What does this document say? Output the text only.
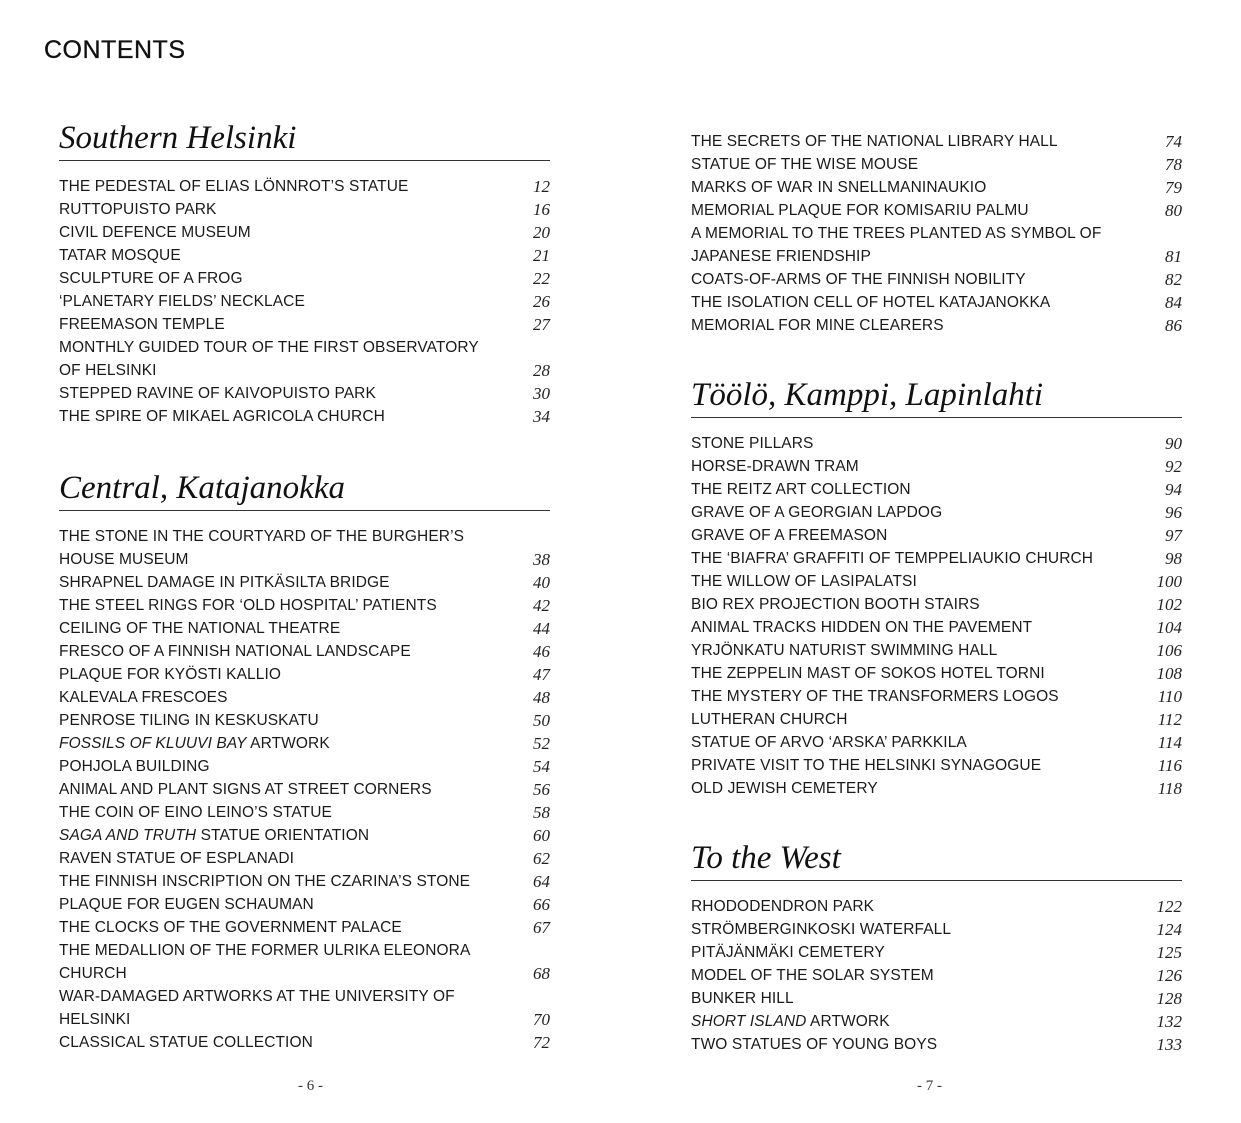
CONTENTS
Southern Helsinki
THE PEDESTAL OF ELIAS LÖNNROT’S STATUE	12
RUTTOPUISTO PARK	16
CIVIL DEFENCE MUSEUM	20
TATAR MOSQUE	21
SCULPTURE OF A FROG	22
‘PLANETARY FIELDS’ NECKLACE	26
FREEMASON TEMPLE	27
MONTHLY GUIDED TOUR OF THE FIRST OBSERVATORY OF HELSINKI	28
STEPPED RAVINE OF KAIVOPUISTO PARK	30
THE SPIRE OF MIKAEL AGRICOLA CHURCH	34
Central, Katajanokka
THE STONE IN THE COURTYARD OF THE BURGHER’S HOUSE MUSEUM	38
SHRAPNEL DAMAGE IN PITKÄSILTA BRIDGE	40
THE STEEL RINGS FOR ‘OLD HOSPITAL’ PATIENTS	42
CEILING OF THE NATIONAL THEATRE	44
FRESCO OF A FINNISH NATIONAL LANDSCAPE	46
PLAQUE FOR KYÖSTI KALLIO	47
KALEVALA FRESCOES	48
PENROSE TILING IN KESKUSKATU	50
FOSSILS OF KLUUVI BAY ARTWORK	52
POHJOLA BUILDING	54
ANIMAL AND PLANT SIGNS AT STREET CORNERS	56
THE COIN OF EINO LEINO’S STATUE	58
SAGA AND TRUTH STATUE ORIENTATION	60
RAVEN STATUE OF ESPLANADI	62
THE FINNISH INSCRIPTION ON THE CZARINA’S STONE	64
PLAQUE FOR EUGEN SCHAUMAN	66
THE CLOCKS OF THE GOVERNMENT PALACE	67
THE MEDALLION OF THE FORMER ULRIKA ELEONORA CHURCH	68
WAR-DAMAGED ARTWORKS AT THE UNIVERSITY OF HELSINKI	70
CLASSICAL STATUE COLLECTION	72
THE SECRETS OF THE NATIONAL LIBRARY HALL	74
STATUE OF THE WISE MOUSE	78
MARKS OF WAR IN SNELLMANINAUKIO	79
MEMORIAL PLAQUE FOR KOMISARIU PALMU	80
A MEMORIAL TO THE TREES PLANTED AS SYMBOL OF JAPANESE FRIENDSHIP	81
COATS-OF-ARMS OF THE FINNISH NOBILITY	82
THE ISOLATION CELL OF HOTEL KATAJANOKKA	84
MEMORIAL FOR MINE CLEARERS	86
Töölö, Kamppi, Lapinlahti
STONE PILLARS	90
HORSE-DRAWN TRAM	92
THE REITZ ART COLLECTION	94
GRAVE OF A GEORGIAN LAPDOG	96
GRAVE OF A FREEMASON	97
THE ‘BIAFRA’ GRAFFITI OF TEMPPELIAUKIO CHURCH	98
THE WILLOW OF LASIPALATSI	100
BIO REX PROJECTION BOOTH STAIRS	102
ANIMAL TRACKS HIDDEN ON THE PAVEMENT	104
YRJÖNKATU NATURIST SWIMMING HALL	106
THE ZEPPELIN MAST OF SOKOS HOTEL TORNI	108
THE MYSTERY OF THE TRANSFORMERS LOGOS	110
LUTHERAN CHURCH	112
STATUE OF ARVO ‘ARSKA’ PARKKILA	114
PRIVATE VISIT TO THE HELSINKI SYNAGOGUE	116
OLD JEWISH CEMETERY	118
To the West
RHODODENDRON PARK	122
STRÖMBERGINKOSKI WATERFALL	124
PITÄJÄNMÄKI CEMETERY	125
MODEL OF THE SOLAR SYSTEM	126
BUNKER HILL	128
SHORT ISLAND ARTWORK	132
TWO STATUES OF YOUNG BOYS	133
- 6 -	- 7 -
